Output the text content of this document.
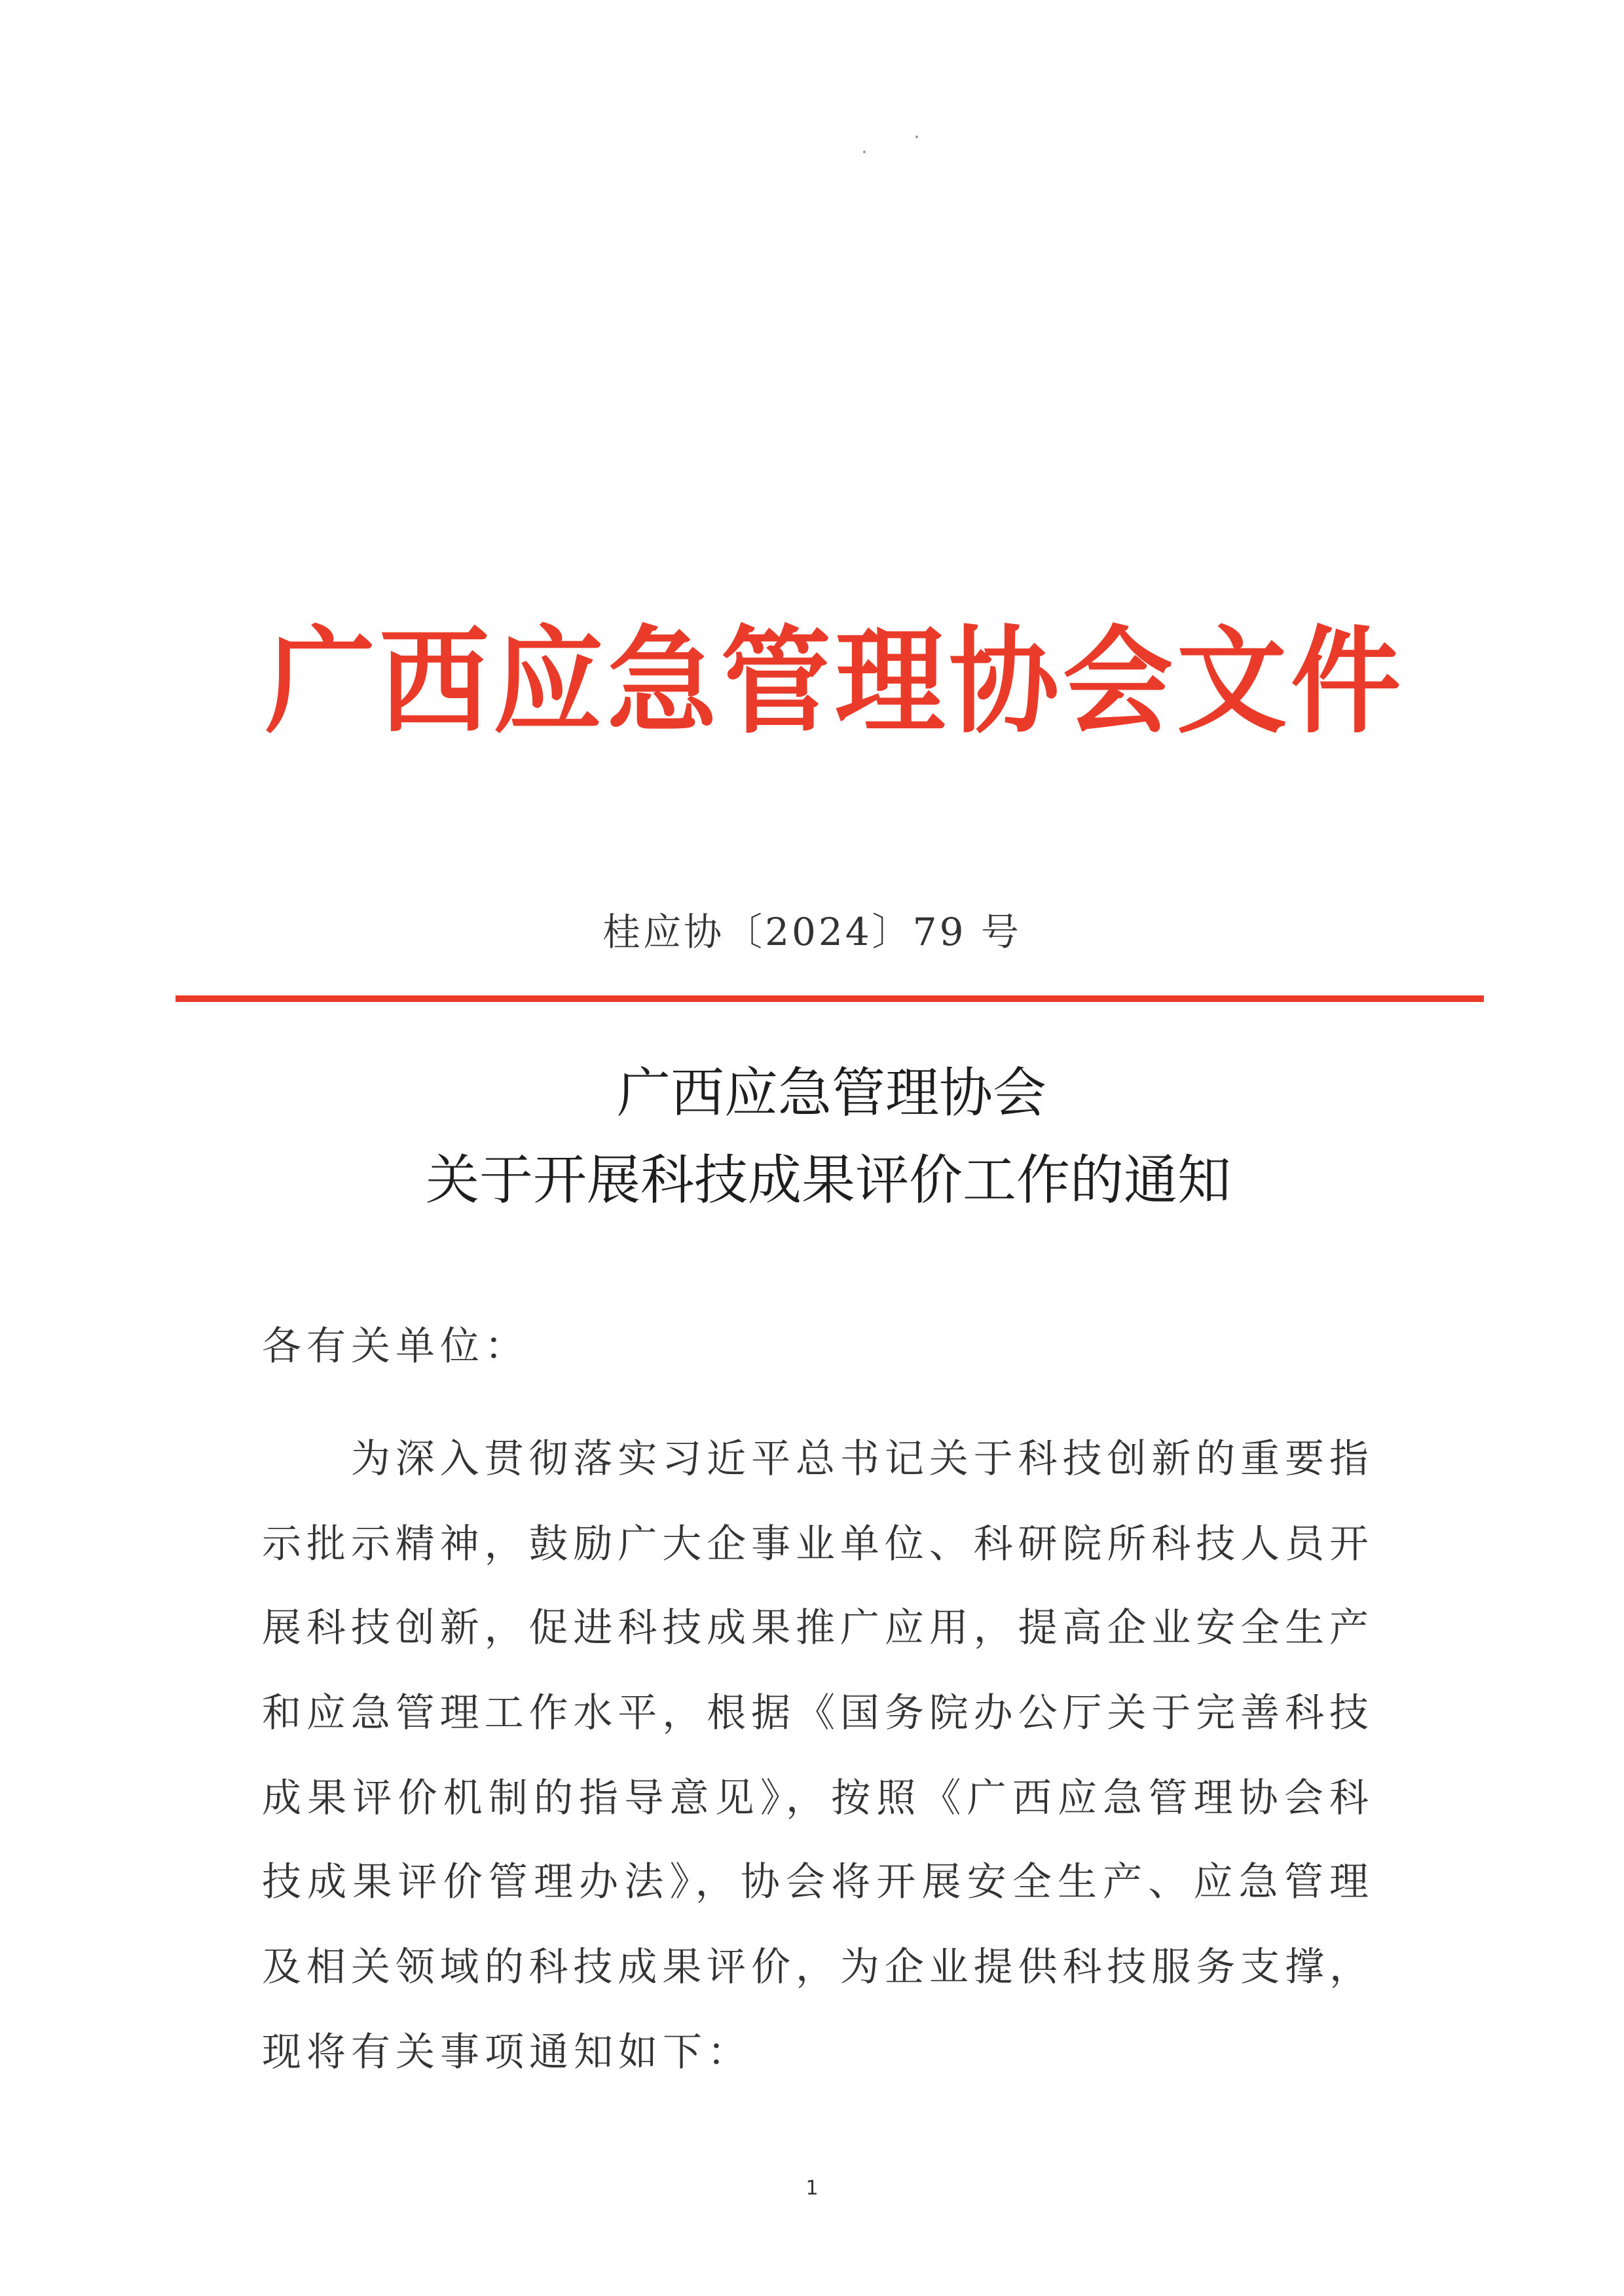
广西应急管理协会文件
桂应协〔2024〕79 号
广西应急管理协会
关于开展科技成果评价工作的通知
各有关单位：
　　为深入贯彻落实习近平总书记关于科技创新的重要指
示批示精神，鼓励广大企事业单位、科研院所科技人员开
展科技创新，促进科技成果推广应用，提高企业安全生产
和应急管理工作水平，根据《国务院办公厅关于完善科技
成果评价机制的指导意见》，按照《广西应急管理协会科
技成果评价管理办法》，协会将开展安全生产、应急管理
及相关领域的科技成果评价，为企业提供科技服务支撑，
现将有关事项通知如下：
1
